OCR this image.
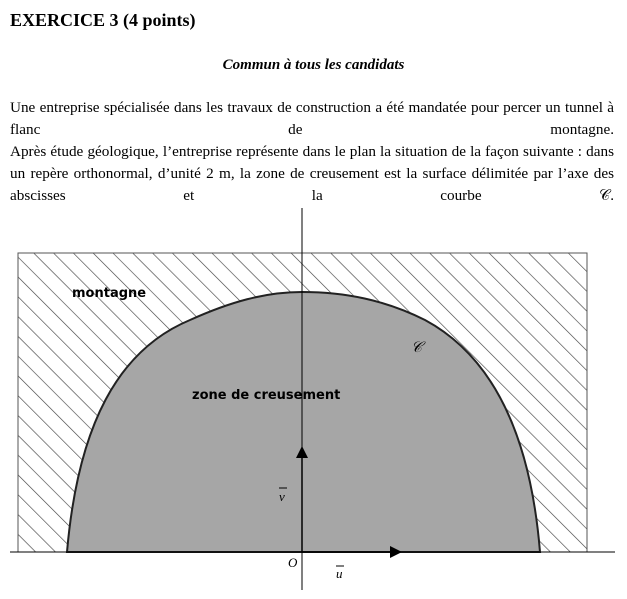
EXERCICE 3 (4 points)
Commun à tous les candidats

Une entreprise spécialisée dans les travaux de construction a été mandatée pour percer un tunnel à flanc de montagne.

Après étude géologique, l’entreprise représente dans le plan la situation de la façon suivante : dans un repère orthonormal, d’unité 2 m, la zone de creusement est la surface délimitée par l’axe des abscisses et la courbe 𝒞.

montagne
zone de creusement
𝒞
O
u
v
